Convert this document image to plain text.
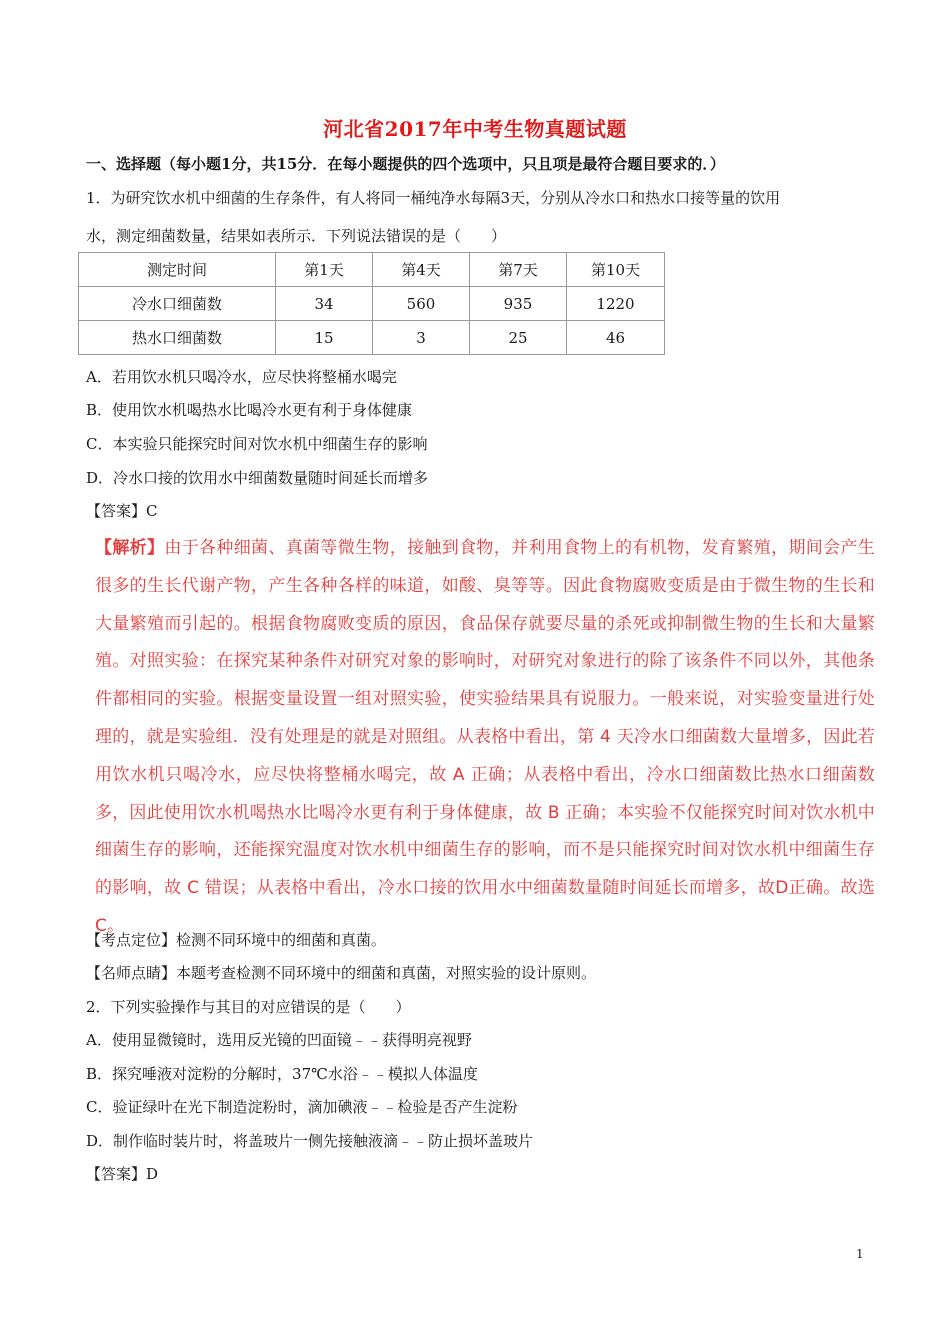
河北省2017年中考生物真题试题
一、选择题（每小题1分，共15分．在每小题提供的四个选项中，只且项是最符合题目要求的．）
1．为研究饮水机中细菌的生存条件，有人将同一桶纯净水每隔3天，分别从冷水口和热水口接等量的饮用
水，测定细菌数量，结果如表所示．下列说法错误的是（　　）
测定时间	第1天	第4天	第7天	第10天
冷水口细菌数	34	560	935	1220
热水口细菌数	15	3	25	46
A．若用饮水机只喝冷水，应尽快将整桶水喝完
B．使用饮水机喝热水比喝冷水更有利于身体健康
C．本实验只能探究时间对饮水机中细菌生存的影响
D．冷水口接的饮用水中细菌数量随时间延长而增多
【答案】C
【解析】由于各种细菌、真菌等微生物，接触到食物，并利用食物上的有机物，发育繁殖，期间会产生很多的生长代谢产物，产生各种各样的味道，如酸、臭等等。因此食物腐败变质是由于微生物的生长和大量繁殖而引起的。根据食物腐败变质的原因，食品保存就要尽量的杀死或抑制微生物的生长和大量繁殖。对照实验：在探究某种条件对研究对象的影响时，对研究对象进行的除了该条件不同以外，其他条件都相同的实验。根据变量设置一组对照实验，使实验结果具有说服力。一般来说，对实验变量进行处理的，就是实验组．没有处理是的就是对照组。从表格中看出，第 4 天冷水口细菌数大量增多，因此若用饮水机只喝冷水，应尽快将整桶水喝完，故 A 正确；从表格中看出，冷水口细菌数比热水口细菌数多，因此使用饮水机喝热水比喝冷水更有利于身体健康，故 B 正确；本实验不仅能探究时间对饮水机中细菌生存的影响，还能探究温度对饮水机中细菌生存的影响，而不是只能探究时间对饮水机中细菌生存的影响，故 C 错误；从表格中看出，冷水口接的饮用水中细菌数量随时间延长而增多，故D正确。故选C。
【考点定位】检测不同环境中的细菌和真菌。
【名师点睛】本题考查检测不同环境中的细菌和真菌，对照实验的设计原则。
2．下列实验操作与其目的对应错误的是（　　）
A．使用显微镜时，选用反光镜的凹面镜﹣﹣获得明亮视野
B．探究唾液对淀粉的分解时，37℃水浴﹣﹣模拟人体温度
C．验证绿叶在光下制造淀粉时，滴加碘液﹣﹣检验是否产生淀粉
D．制作临时装片时，将盖玻片一侧先接触液滴﹣﹣防止损坏盖玻片
【答案】D
1
